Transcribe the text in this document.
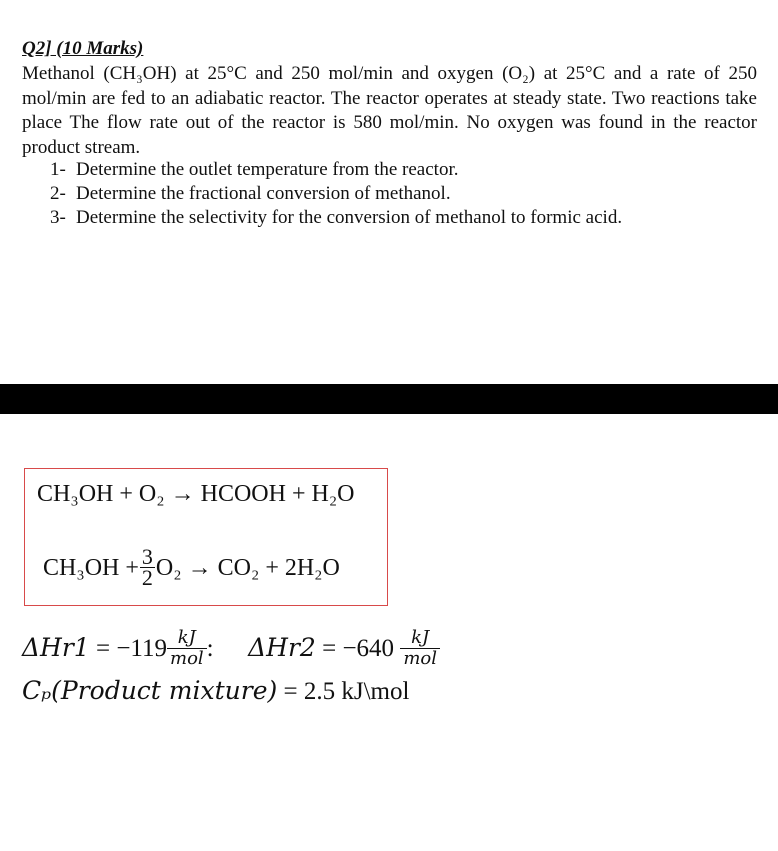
Q2] (10 Marks)
Methanol (CH₃OH) at 25°C and 250 mol/min and oxygen (O₂) at 25°C and a rate of 250 mol/min are fed to an adiabatic reactor. The reactor operates at steady state. Two reactions take place The flow rate out of the reactor is 580 mol/min. No oxygen was found in the reactor product stream.
1- Determine the outlet temperature from the reactor.
2- Determine the fractional conversion of methanol.
3- Determine the selectivity for the conversion of methanol to formic acid.
CH₃OH + O₂ → HCOOH + H₂O
$CH_3OH + \frac{3}{2} O_2 \to CO_2 + 2H_2O$
$\Delta Hr1 = -119 \frac{kJ}{\text{mol}}$ : $\Delta Hr2 = -640 \frac{kJ}{\text{mol}}$
Cₚ(Product mixture) = 2.5 kJ\mol
